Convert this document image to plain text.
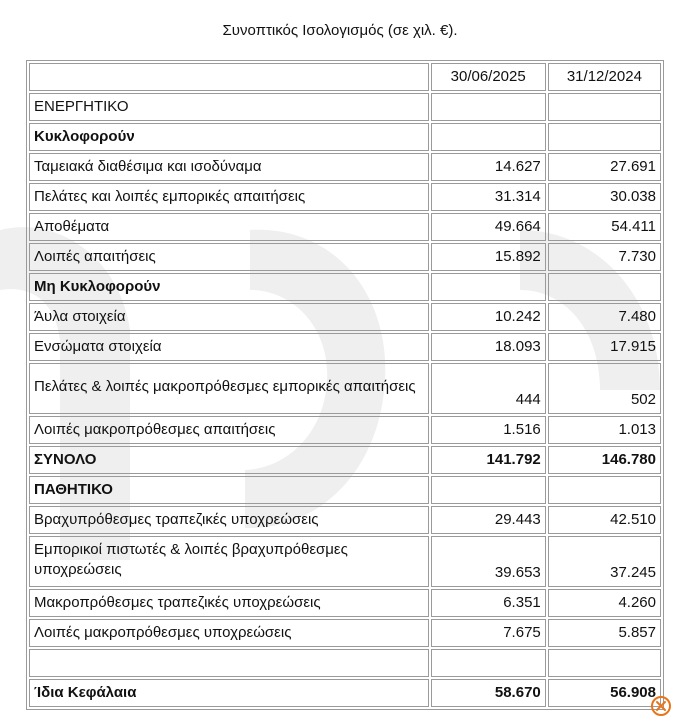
Συνοπτικός Ισολογισμός (σε χιλ. €).
	30/06/2025	31/12/2024
ΕΝΕΡΓΗΤΙΚΟ		
Κυκλοφορούν		
Ταμειακά διαθέσιμα και ισοδύναμα	14.627	27.691
Πελάτες και λοιπές εμπορικές απαιτήσεις	31.314	30.038
Αποθέματα	49.664	54.411
Λοιπές απαιτήσεις	15.892	7.730
Μη Κυκλοφορούν		
Άυλα στοιχεία	10.242	7.480
Ενσώματα στοιχεία	18.093	17.915
Πελάτες & λοιπές μακροπρόθεσμες εμπορικές απαιτήσεις	444	502
Λοιπές μακροπρόθεσμες απαιτήσεις	1.516	1.013
ΣΥΝΟΛΟ	141.792	146.780
ΠΑΘΗΤΙΚΟ		
Βραχυπρόθεσμες τραπεζικές υποχρεώσεις	29.443	42.510
Εμπορικοί πιστωτές & λοιπές βραχυπρόθεσμες υποχρεώσεις	39.653	37.245
Μακροπρόθεσμες τραπεζικές υποχρεώσεις	6.351	4.260
Λοιπές μακροπρόθεσμες υποχρεώσεις	7.675	5.857

Ίδια Κεφάλαια	58.670	56.908
